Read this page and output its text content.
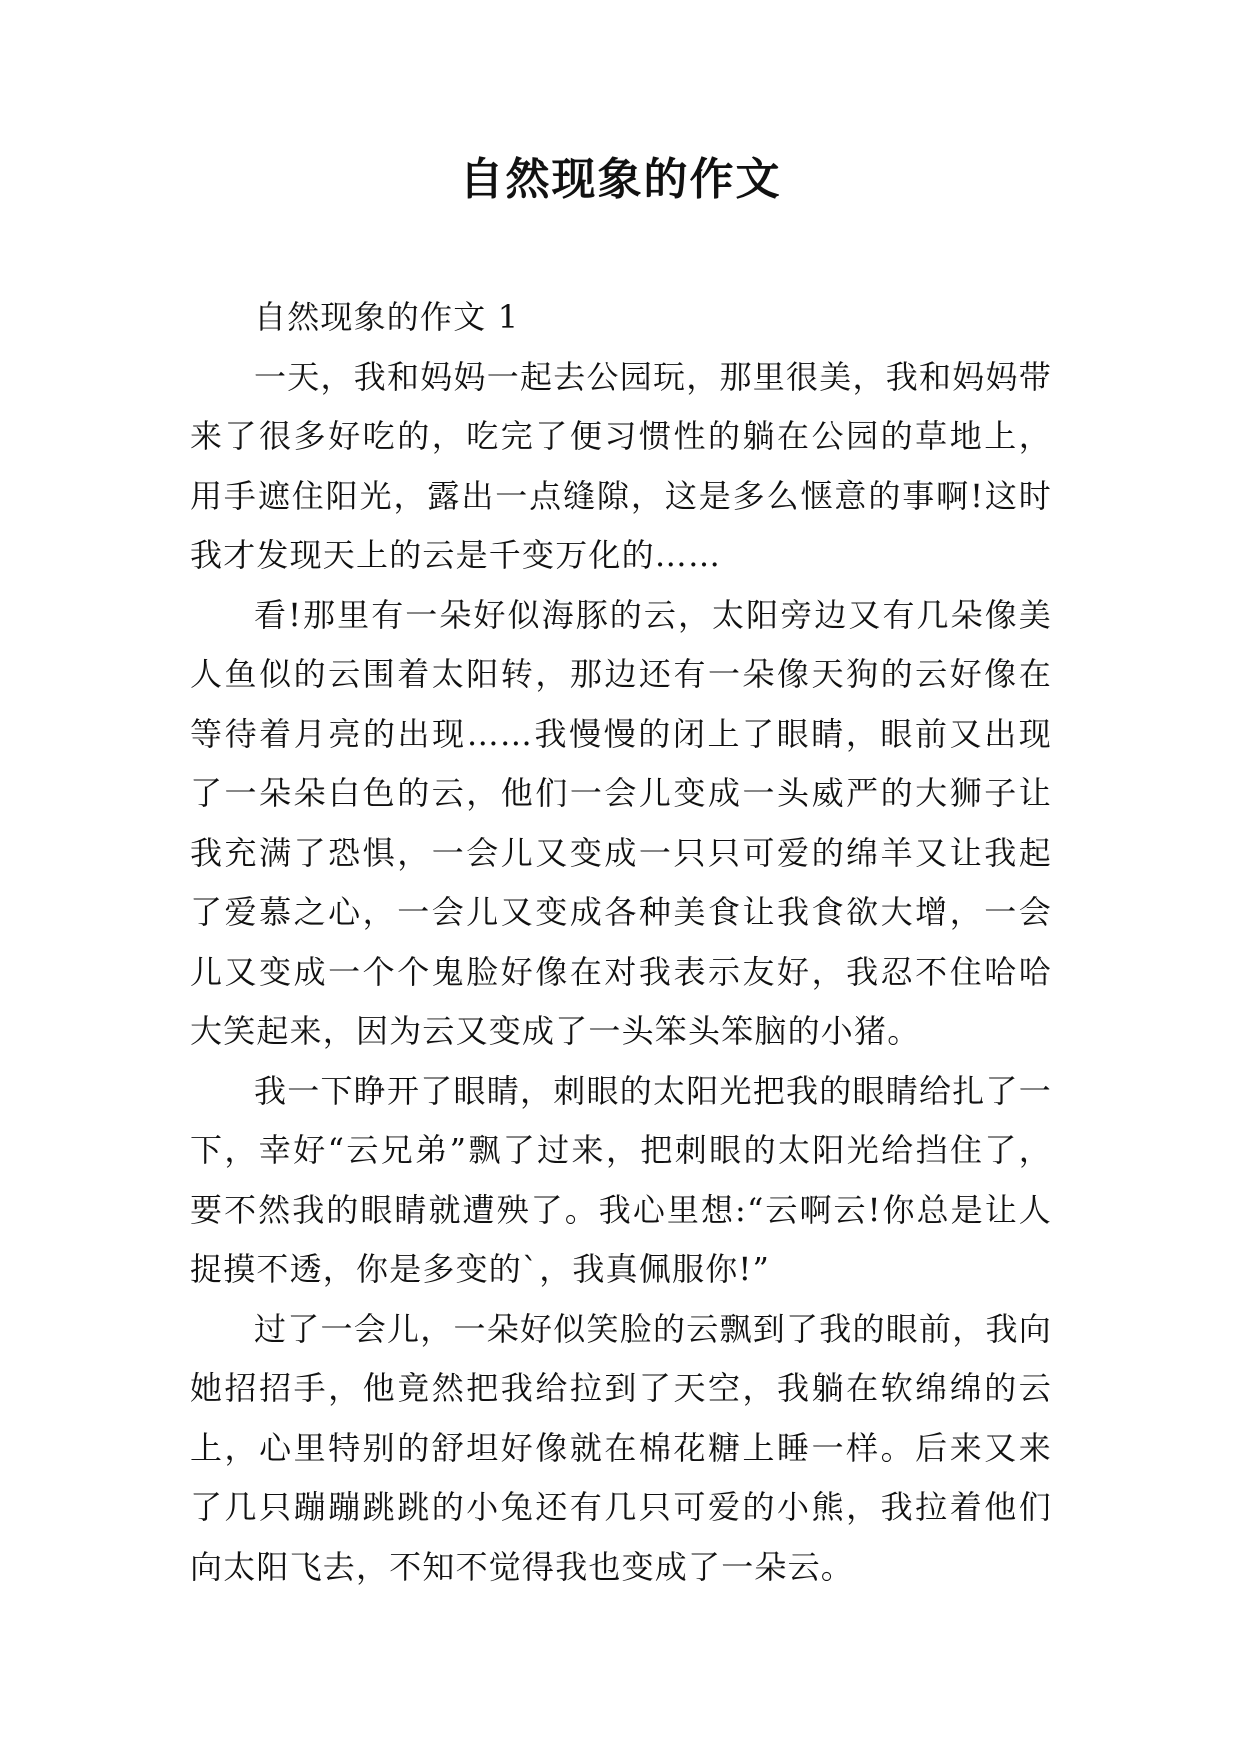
自然现象的作文

自然现象的作文 1

一天，我和妈妈一起去公园玩，那里很美，我和妈妈带来了很多好吃的，吃完了便习惯性的躺在公园的草地上，用手遮住阳光，露出一点缝隙，这是多么惬意的事啊!这时我才发现天上的云是千变万化的……

看!那里有一朵好似海豚的云，太阳旁边又有几朵像美人鱼似的云围着太阳转，那边还有一朵像天狗的云好像在等待着月亮的出现……我慢慢的闭上了眼睛，眼前又出现了一朵朵白色的云，他们一会儿变成一头威严的大狮子让我充满了恐惧，一会儿又变成一只只可爱的绵羊又让我起了爱慕之心，一会儿又变成各种美食让我食欲大增，一会儿又变成一个个鬼脸好像在对我表示友好，我忍不住哈哈大笑起来，因为云又变成了一头笨头笨脑的小猪。

我一下睁开了眼睛，刺眼的太阳光把我的眼睛给扎了一下，幸好“云兄弟”飘了过来，把刺眼的太阳光给挡住了，要不然我的眼睛就遭殃了。我心里想:“云啊云!你总是让人捉摸不透，你是多变的`，我真佩服你!”

过了一会儿，一朵好似笑脸的云飘到了我的眼前，我向她招招手，他竟然把我给拉到了天空，我躺在软绵绵的云上，心里特别的舒坦好像就在棉花糖上睡一样。后来又来了几只蹦蹦跳跳的小兔还有几只可爱的小熊，我拉着他们向太阳飞去，不知不觉得我也变成了一朵云。
